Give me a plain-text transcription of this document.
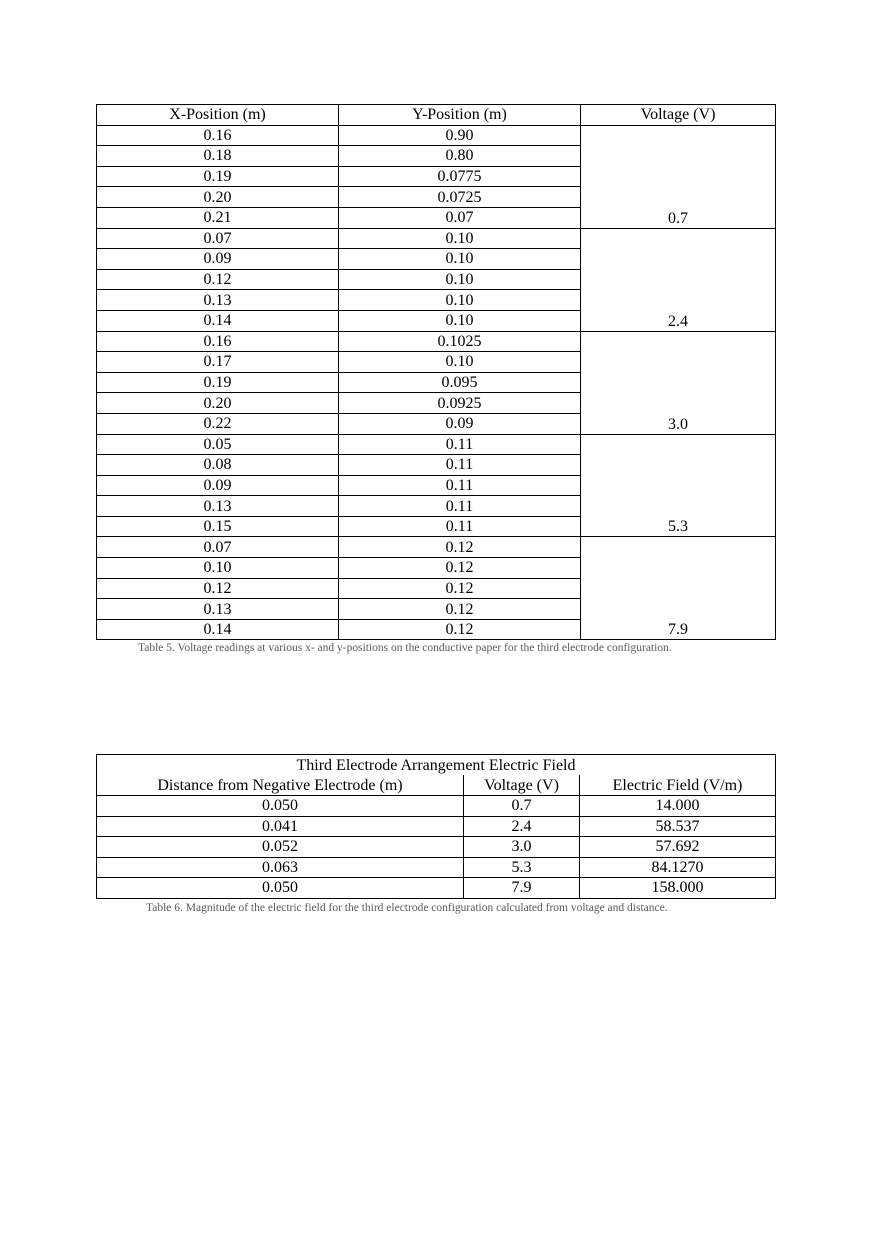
X-Position (m)	Y-Position (m)	Voltage (V)
0.16	0.90	0.7
0.18	0.80	
0.19	0.0775	
0.20	0.0725	
0.21	0.07	
0.07	0.10	2.4
0.09	0.10	
0.12	0.10	
0.13	0.10	
0.14	0.10	
0.16	0.1025	3.0
0.17	0.10	
0.19	0.095	
0.20	0.0925	
0.22	0.09	
0.05	0.11	5.3
0.08	0.11	
0.09	0.11	
0.13	0.11	
0.15	0.11	
0.07	0.12	7.9
0.10	0.12	
0.12	0.12	
0.13	0.12	
0.14	0.12	
Table 5. Voltage readings at various x- and y-positions on the conductive paper for the third electrode configuration.
Third Electrode Arrangement Electric Field		
Distance from Negative Electrode (m)	Voltage (V)	Electric Field (V/m)
0.050	0.7	14.000
0.041	2.4	58.537
0.052	3.0	57.692
0.063	5.3	84.1270
0.050	7.9	158.000
Table 6. Magnitude of the electric field for the third electrode configuration calculated from voltage and distance.
